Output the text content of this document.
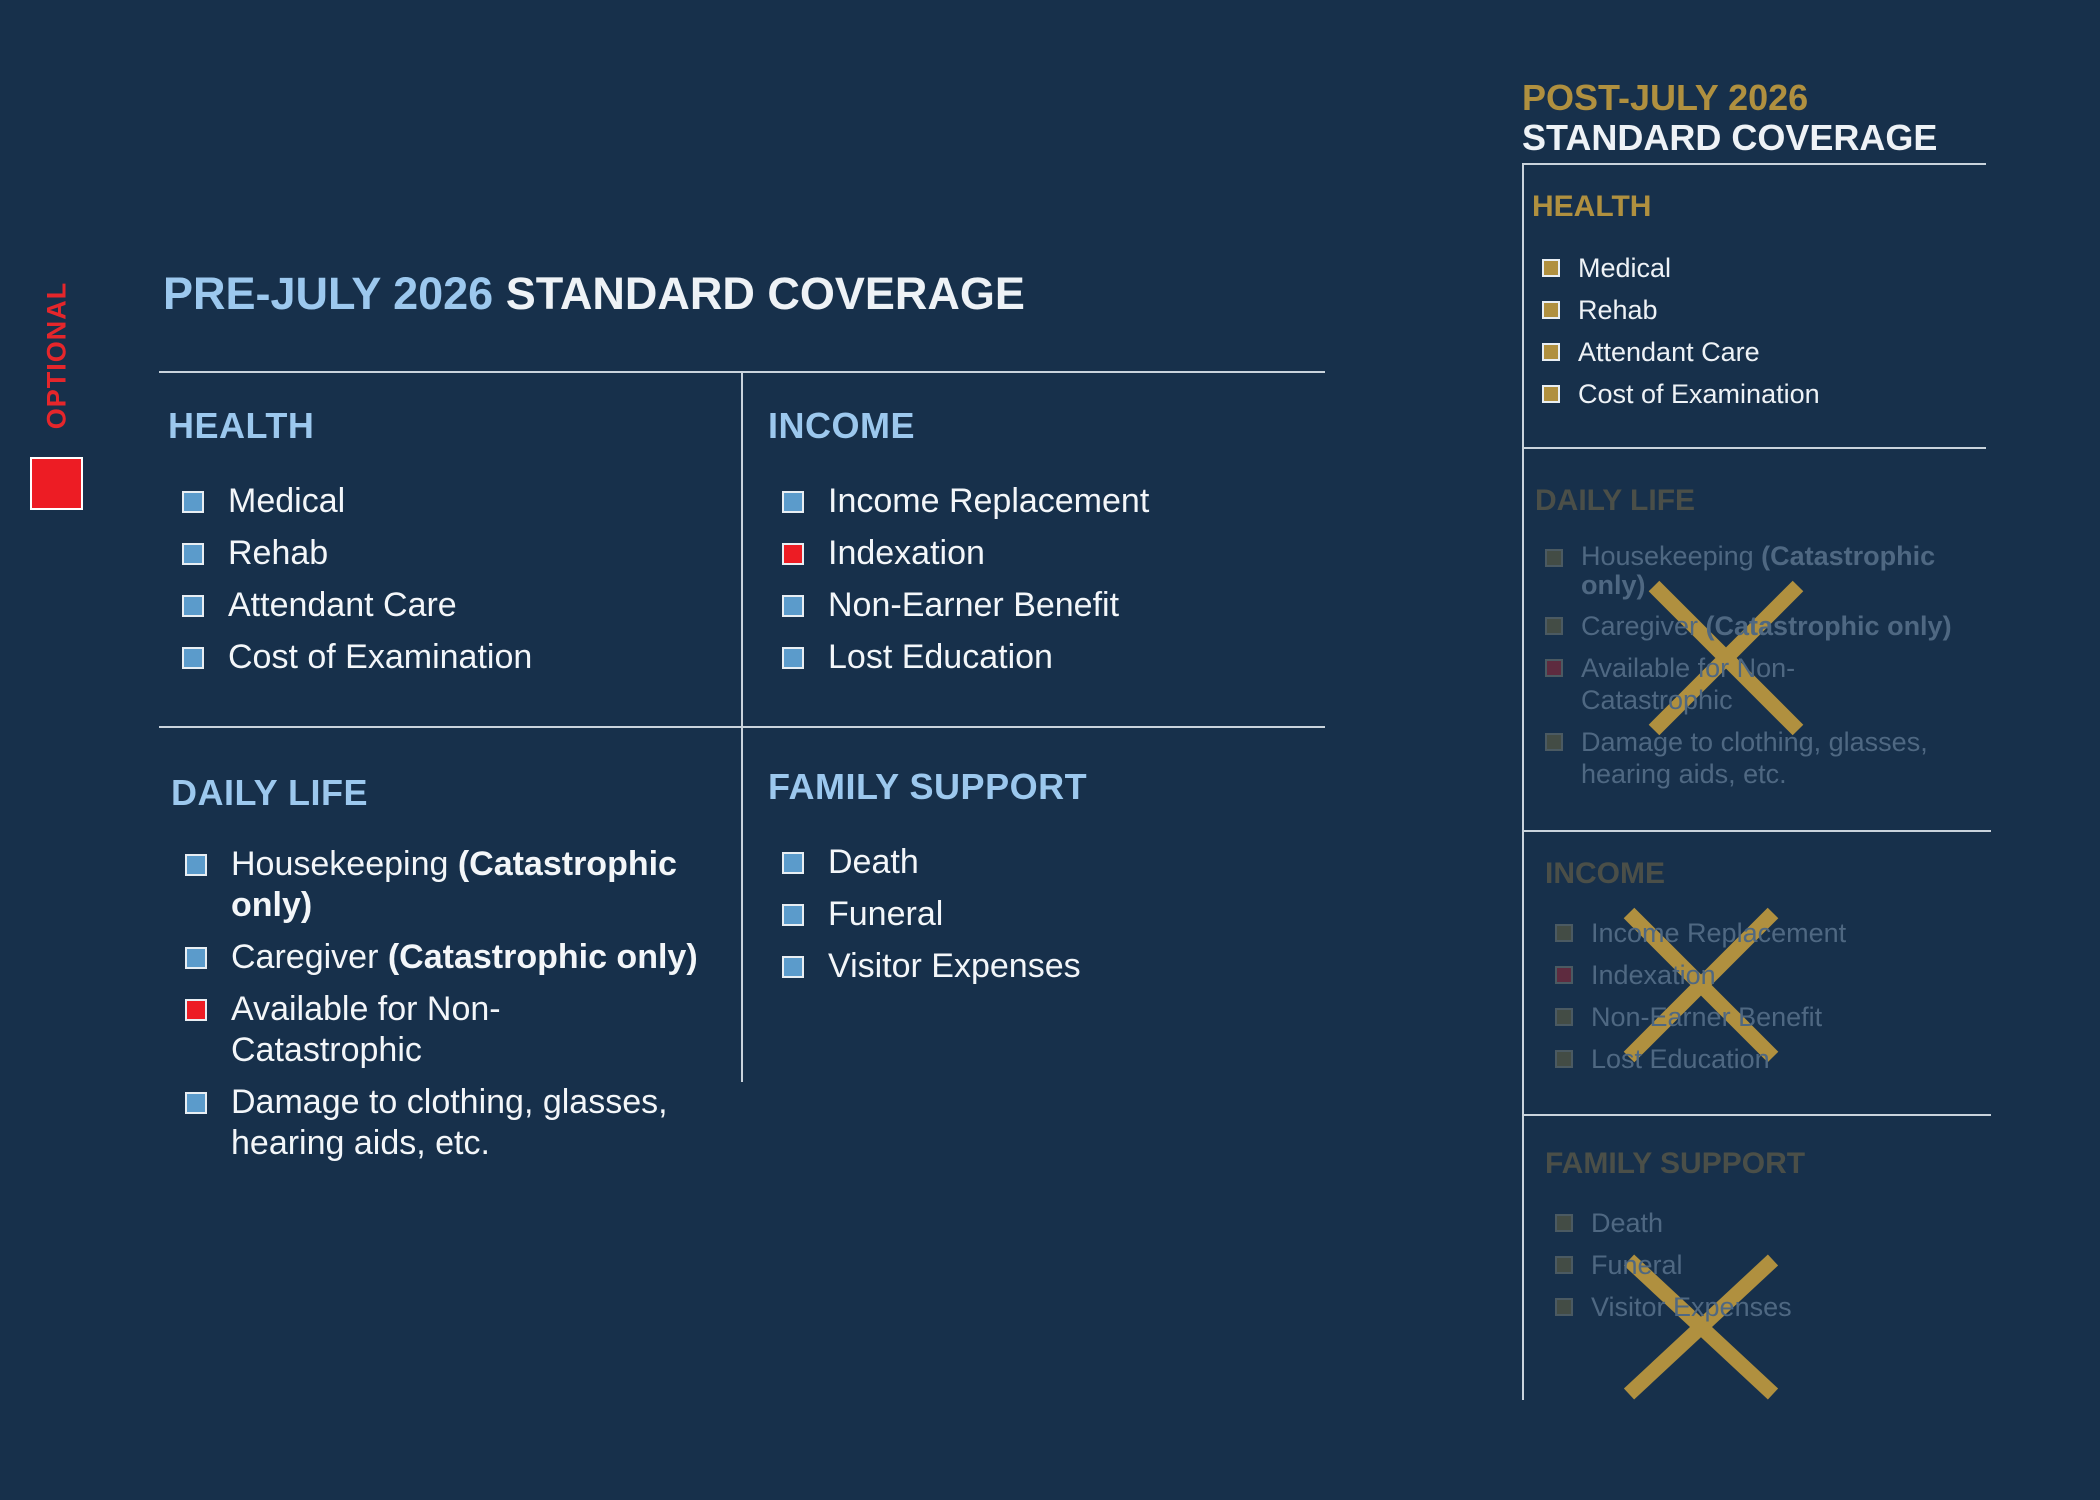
OPTIONAL PRE-JULY 2026 STANDARD COVERAGE
HEALTH
Medical
Rehab
Attendant Care
Cost of Examination
INCOME
Income Replacement
Indexation
Non-Earner Benefit
Lost Education
DAILY LIFE
Housekeeping (Catastrophic only)
Caregiver (Catastrophic only)
Available for Non-Catastrophic
Damage to clothing, glasses, hearing aids, etc.
FAMILY SUPPORT
Death
Funeral
Visitor Expenses
POST-JULY 2026
STANDARD COVERAGE
HEALTH
Medical
Rehab
Attendant Care
Cost of Examination
DAILY LIFE
Housekeeping (Catastrophic only)
Caregiver (Catastrophic only)
Available for Non-Catastrophic
Damage to clothing, glasses, hearing aids, etc.
INCOME
Income Replacement
Indexation
Non-Earner Benefit
Lost Education
FAMILY SUPPORT
Death
Funeral
Visitor Expenses
